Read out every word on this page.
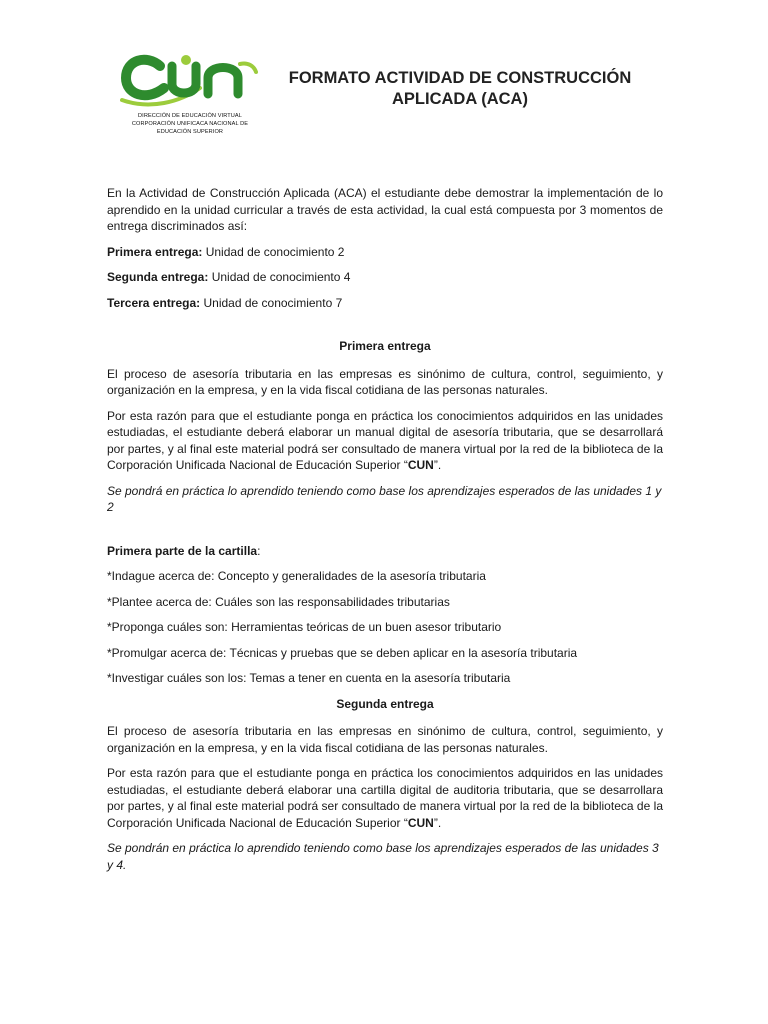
DIRECCIÓN DE EDUCACIÓN VIRTUAL
CORPORACIÓN UNIFICACA NACIONAL DE
EDUCACIÓN SUPERIOR
FORMATO ACTIVIDAD DE CONSTRUCCIÓN
APLICADA (ACA)

En la Actividad de Construcción Aplicada (ACA) el estudiante debe demostrar la implementación de lo aprendido en la unidad curricular a través de esta actividad, la cual está compuesta por 3 momentos de entrega discriminados así:

Primera entrega: Unidad de conocimiento 2

Segunda entrega: Unidad de conocimiento 4

Tercera entrega: Unidad de conocimiento 7

Primera entrega

El proceso de asesoría tributaria en las empresas es sinónimo de cultura, control, seguimiento, y organización en la empresa, y en la vida fiscal cotidiana de las personas naturales.

Por esta razón para que el estudiante ponga en práctica los conocimientos adquiridos en las unidades estudiadas, el estudiante deberá elaborar un manual digital de asesoría tributaria, que se desarrollará por partes, y al final este material podrá ser consultado de manera virtual por la red de la biblioteca de la Corporación Unificada Nacional de Educación Superior “CUN”.

Se pondrá en práctica lo aprendido teniendo como base los aprendizajes esperados de las unidades 1 y 2

Primera parte de la cartilla:

*Indague acerca de: Concepto y generalidades de la asesoría tributaria

*Plantee acerca de: Cuáles son las responsabilidades tributarias

*Proponga cuáles son: Herramientas teóricas de un buen asesor tributario

*Promulgar acerca de: Técnicas y pruebas que se deben aplicar en la asesoría tributaria

*Investigar cuáles son los: Temas a tener en cuenta en la asesoría tributaria

Segunda entrega

El proceso de asesoría tributaria en las empresas en sinónimo de cultura, control, seguimiento, y organización en la empresa, y en la vida fiscal cotidiana de las personas naturales.

Por esta razón para que el estudiante ponga en práctica los conocimientos adquiridos en las unidades estudiadas, el estudiante deberá elaborar una cartilla digital de auditoria tributaria, que se desarrollara por partes, y al final este material podrá ser consultado de manera virtual por la red de la biblioteca de la Corporación Unificada Nacional de Educación Superior “CUN”.

Se pondrán en práctica lo aprendido teniendo como base los aprendizajes esperados de las unidades 3 y 4.
